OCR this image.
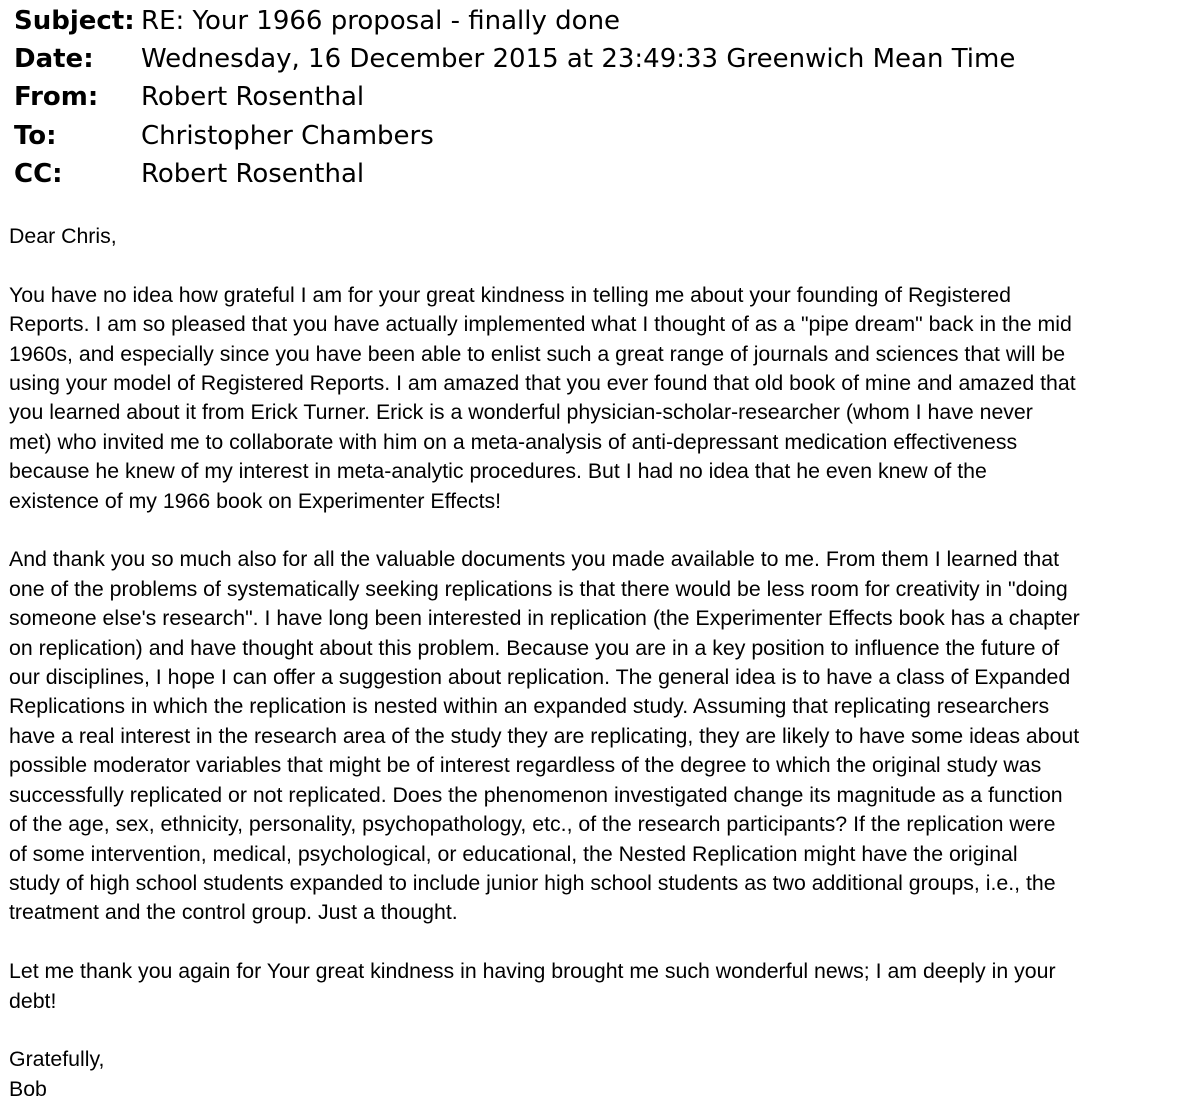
Subject: RE: Your 1966 proposal - finally done
Date:	Wednesday, 16 December 2015 at 23:49:33 Greenwich Mean Time
From:	Robert Rosenthal
To:	Christopher Chambers
CC:	Robert Rosenthal

Dear Chris,

You have no idea how grateful I am for your great kindness in telling me about your founding of Registered
Reports. I am so pleased that you have actually implemented what I thought of as a "pipe dream" back in the mid
1960s, and especially since you have been able to enlist such a great range of journals and sciences that will be
using your model of Registered Reports. I am amazed that you ever found that old book of mine and amazed that
you learned about it from Erick Turner. Erick is a wonderful physician-scholar-researcher (whom I have never
met) who invited me to collaborate with him on a meta-analysis of anti-depressant medication effectiveness
because he knew of my interest in meta-analytic procedures. But I had no idea that he even knew of the
existence of my 1966 book on Experimenter Effects!

And thank you so much also for all the valuable documents you made available to me. From them I learned that
one of the problems of systematically seeking replications is that there would be less room for creativity in "doing
someone else's research". I have long been interested in replication (the Experimenter Effects book has a chapter
on replication) and have thought about this problem. Because you are in a key position to influence the future of
our disciplines, I hope I can offer a suggestion about replication. The general idea is to have a class of Expanded
Replications in which the replication is nested within an expanded study. Assuming that replicating researchers
have a real interest in the research area of the study they are replicating, they are likely to have some ideas about
possible moderator variables that might be of interest regardless of the degree to which the original study was
successfully replicated or not replicated. Does the phenomenon investigated change its magnitude as a function
of the age, sex, ethnicity, personality, psychopathology, etc., of the research participants? If the replication were
of some intervention, medical, psychological, or educational, the Nested Replication might have the original
study of high school students expanded to include junior high school students as two additional groups, i.e., the
treatment and the control group. Just a thought.

Let me thank you again for Your great kindness in having brought me such wonderful news; I am deeply in your
debt!

Gratefully,
Bob
